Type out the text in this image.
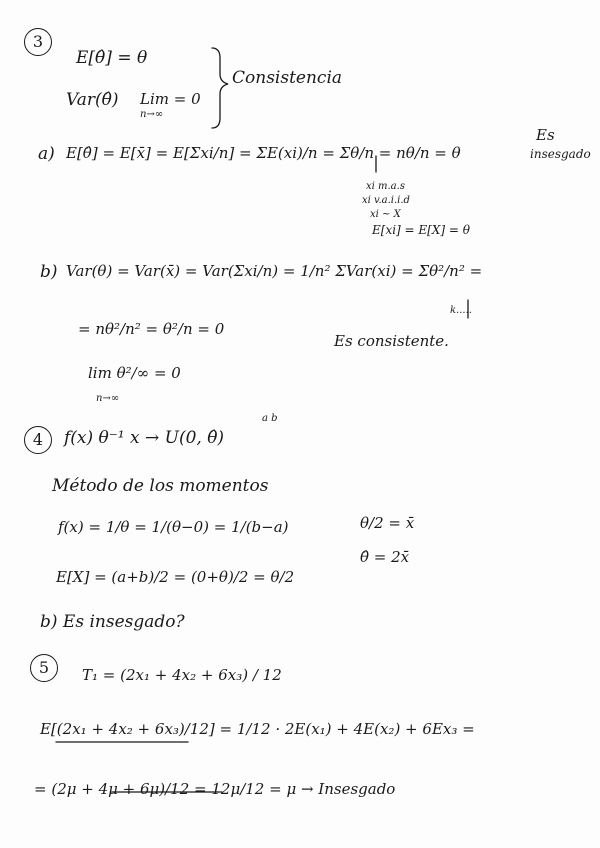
3
E[θ̂] = θ
Var(θ̂) Lim = 0
n→∞
Consistencia
a) E[θ̂] = E[x̄] = E[Σxi/n] = ΣE(xi)/n = Σθ/n = nθ/n = θ
Es
insesgado
xi m.a.s
xi v.a.i.i.d
xi ~ X
E[xi] = E[X] = θ
b) Var(θ) = Var(x̄) = Var(Σxi/n) = 1/n² ΣVar(xi) = Σθ²/n² =
k.....
= nθ²/n² = θ²/n = 0
Es consistente.
lim θ²/∞ = 0
n→∞
4
a b
f(x) θ⁻¹ x → U(0, θ̂)
Método de los momentos
f(x) = 1/θ = 1/(θ−0) = 1/(b−a)	θ/2 = x̄
θ̂ = 2x̄
E[X] = (a+b)/2 = (0+θ)/2 = θ/2
b) Es insesgado?
5	T₁ = (2x₁ + 4x₂ + 6x₃) / 12
E[(2x₁ + 4x₂ + 6x₃)/12] = 1/12 · 2E(x₁) + 4E(x₂) + 6Ex₃ =
= (2μ + 4μ + 6μ)/12 = 12μ/12 = μ → Insesgado
